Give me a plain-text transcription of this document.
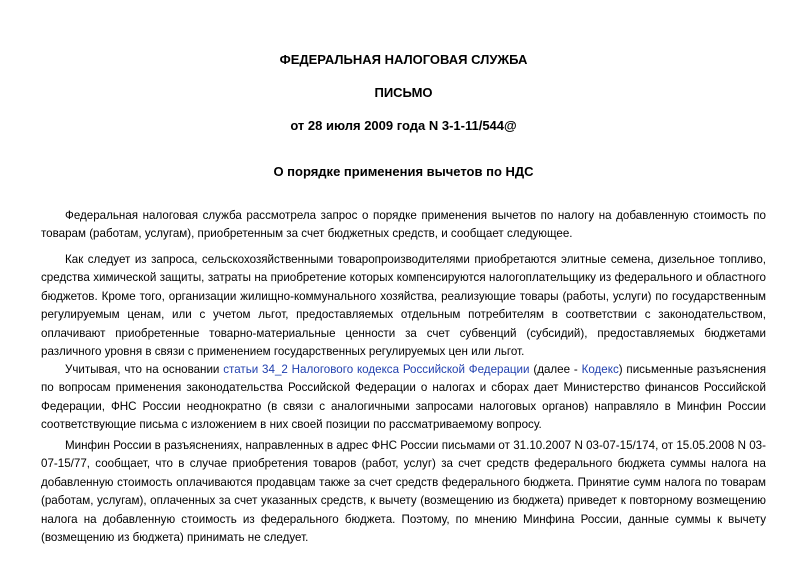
ФЕДЕРАЛЬНАЯ НАЛОГОВАЯ СЛУЖБА
ПИСЬМО
от 28 июля 2009 года N 3-1-11/544@
О порядке применения вычетов по НДС

Федеральная налоговая служба рассмотрела запрос о порядке применения вычетов по налогу на добавленную стоимость по товарам (работам, услугам), приобретенным за счет бюджетных средств, и сообщает следующее.

Как следует из запроса, сельскохозяйственными товаропроизводителями приобретаются элитные семена, дизельное топливо, средства химической защиты, затраты на приобретение которых компенсируются налогоплательщику из федерального и областного бюджетов. Кроме того, организации жилищно-коммунального хозяйства, реализующие товары (работы, услуги) по государственным регулируемым ценам, или с учетом льгот, предоставляемых отдельным потребителям в соответствии с законодательством, оплачивают приобретенные товарно-материальные ценности за счет субвенций (субсидий), предоставляемых бюджетами различного уровня в связи с применением государственных регулируемых цен или льгот.

Учитывая, что на основании статьи 34_2 Налогового кодекса Российской Федерации (далее - Кодекс) письменные разъяснения по вопросам применения законодательства Российской Федерации о налогах и сборах дает Министерство финансов Российской Федерации, ФНС России неоднократно (в связи с аналогичными запросами налоговых органов) направляло в Минфин России соответствующие письма с изложением в них своей позиции по рассматриваемому вопросу.

Минфин России в разъяснениях, направленных в адрес ФНС России письмами от 31.10.2007 N 03-07-15/174, от 15.05.2008 N 03-07-15/77, сообщает, что в случае приобретения товаров (работ, услуг) за счет средств федерального бюджета суммы налога на добавленную стоимость оплачиваются продавцам также за счет средств федерального бюджета. Принятие сумм налога по товарам (работам, услугам), оплаченных за счет указанных средств, к вычету (возмещению из бюджета) приведет к повторному возмещению налога на добавленную стоимость из федерального бюджета. Поэтому, по мнению Минфина России, данные суммы к вычету (возмещению из бюджета) принимать не следует.
